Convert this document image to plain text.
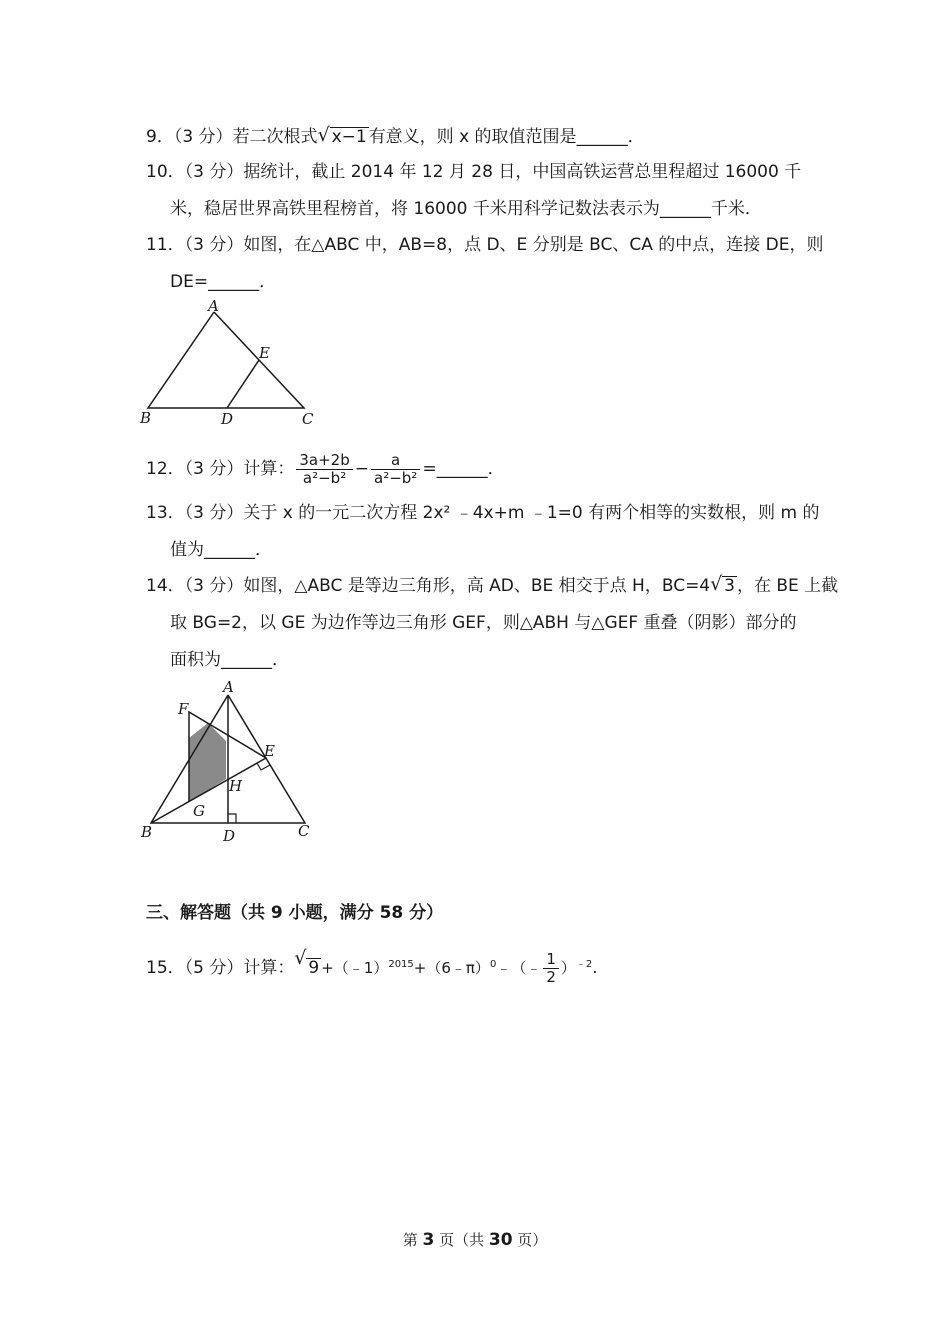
9．（3 分）若二次根式 √ x−1 有意义，则 x 的取值范围是______．
10．（3 分）据统计，截止 2014 年 12 月 28 日，中国高铁运营总里程超过 16000 千
米，稳居世界高铁里程榜首，将 16000 千米用科学记数法表示为______千米．
11．（3 分）如图，在△ABC 中，AB=8，点 D、E 分别是 BC、CA 的中点，连接 DE，则
DE=______．
A
B	C
D
E
12．（3 分）计算： $\frac{3a+2b}{\text{a²−b²}} - \frac{a}{\text{a²−b²}}$ =______．
13．（3 分）关于 x 的一元二次方程 2x² ﹣4x+m ﹣1=0 有两个相等的实数根，则 m 的
值为______．
14．（3 分）如图，△ABC 是等边三角形，高 AD、BE 相交于点 H，BC=4 √ 3 ，在 BE 上截
取 BG=2，以 GE 为边作等边三角形 GEF，则△ABH 与△GEF 重叠（阴影）部分的
面积为______．
A
B	C
D
E
F
G
H
三、解答题（共 9 小题，满分 58 分）
15．（5 分）计算： √ 9 +（﹣1）$^{2015}$+（6﹣π）$^0$﹣（﹣ $\frac{1}{2} )^{﹣2}$.
第 3 页（共 30 页）
